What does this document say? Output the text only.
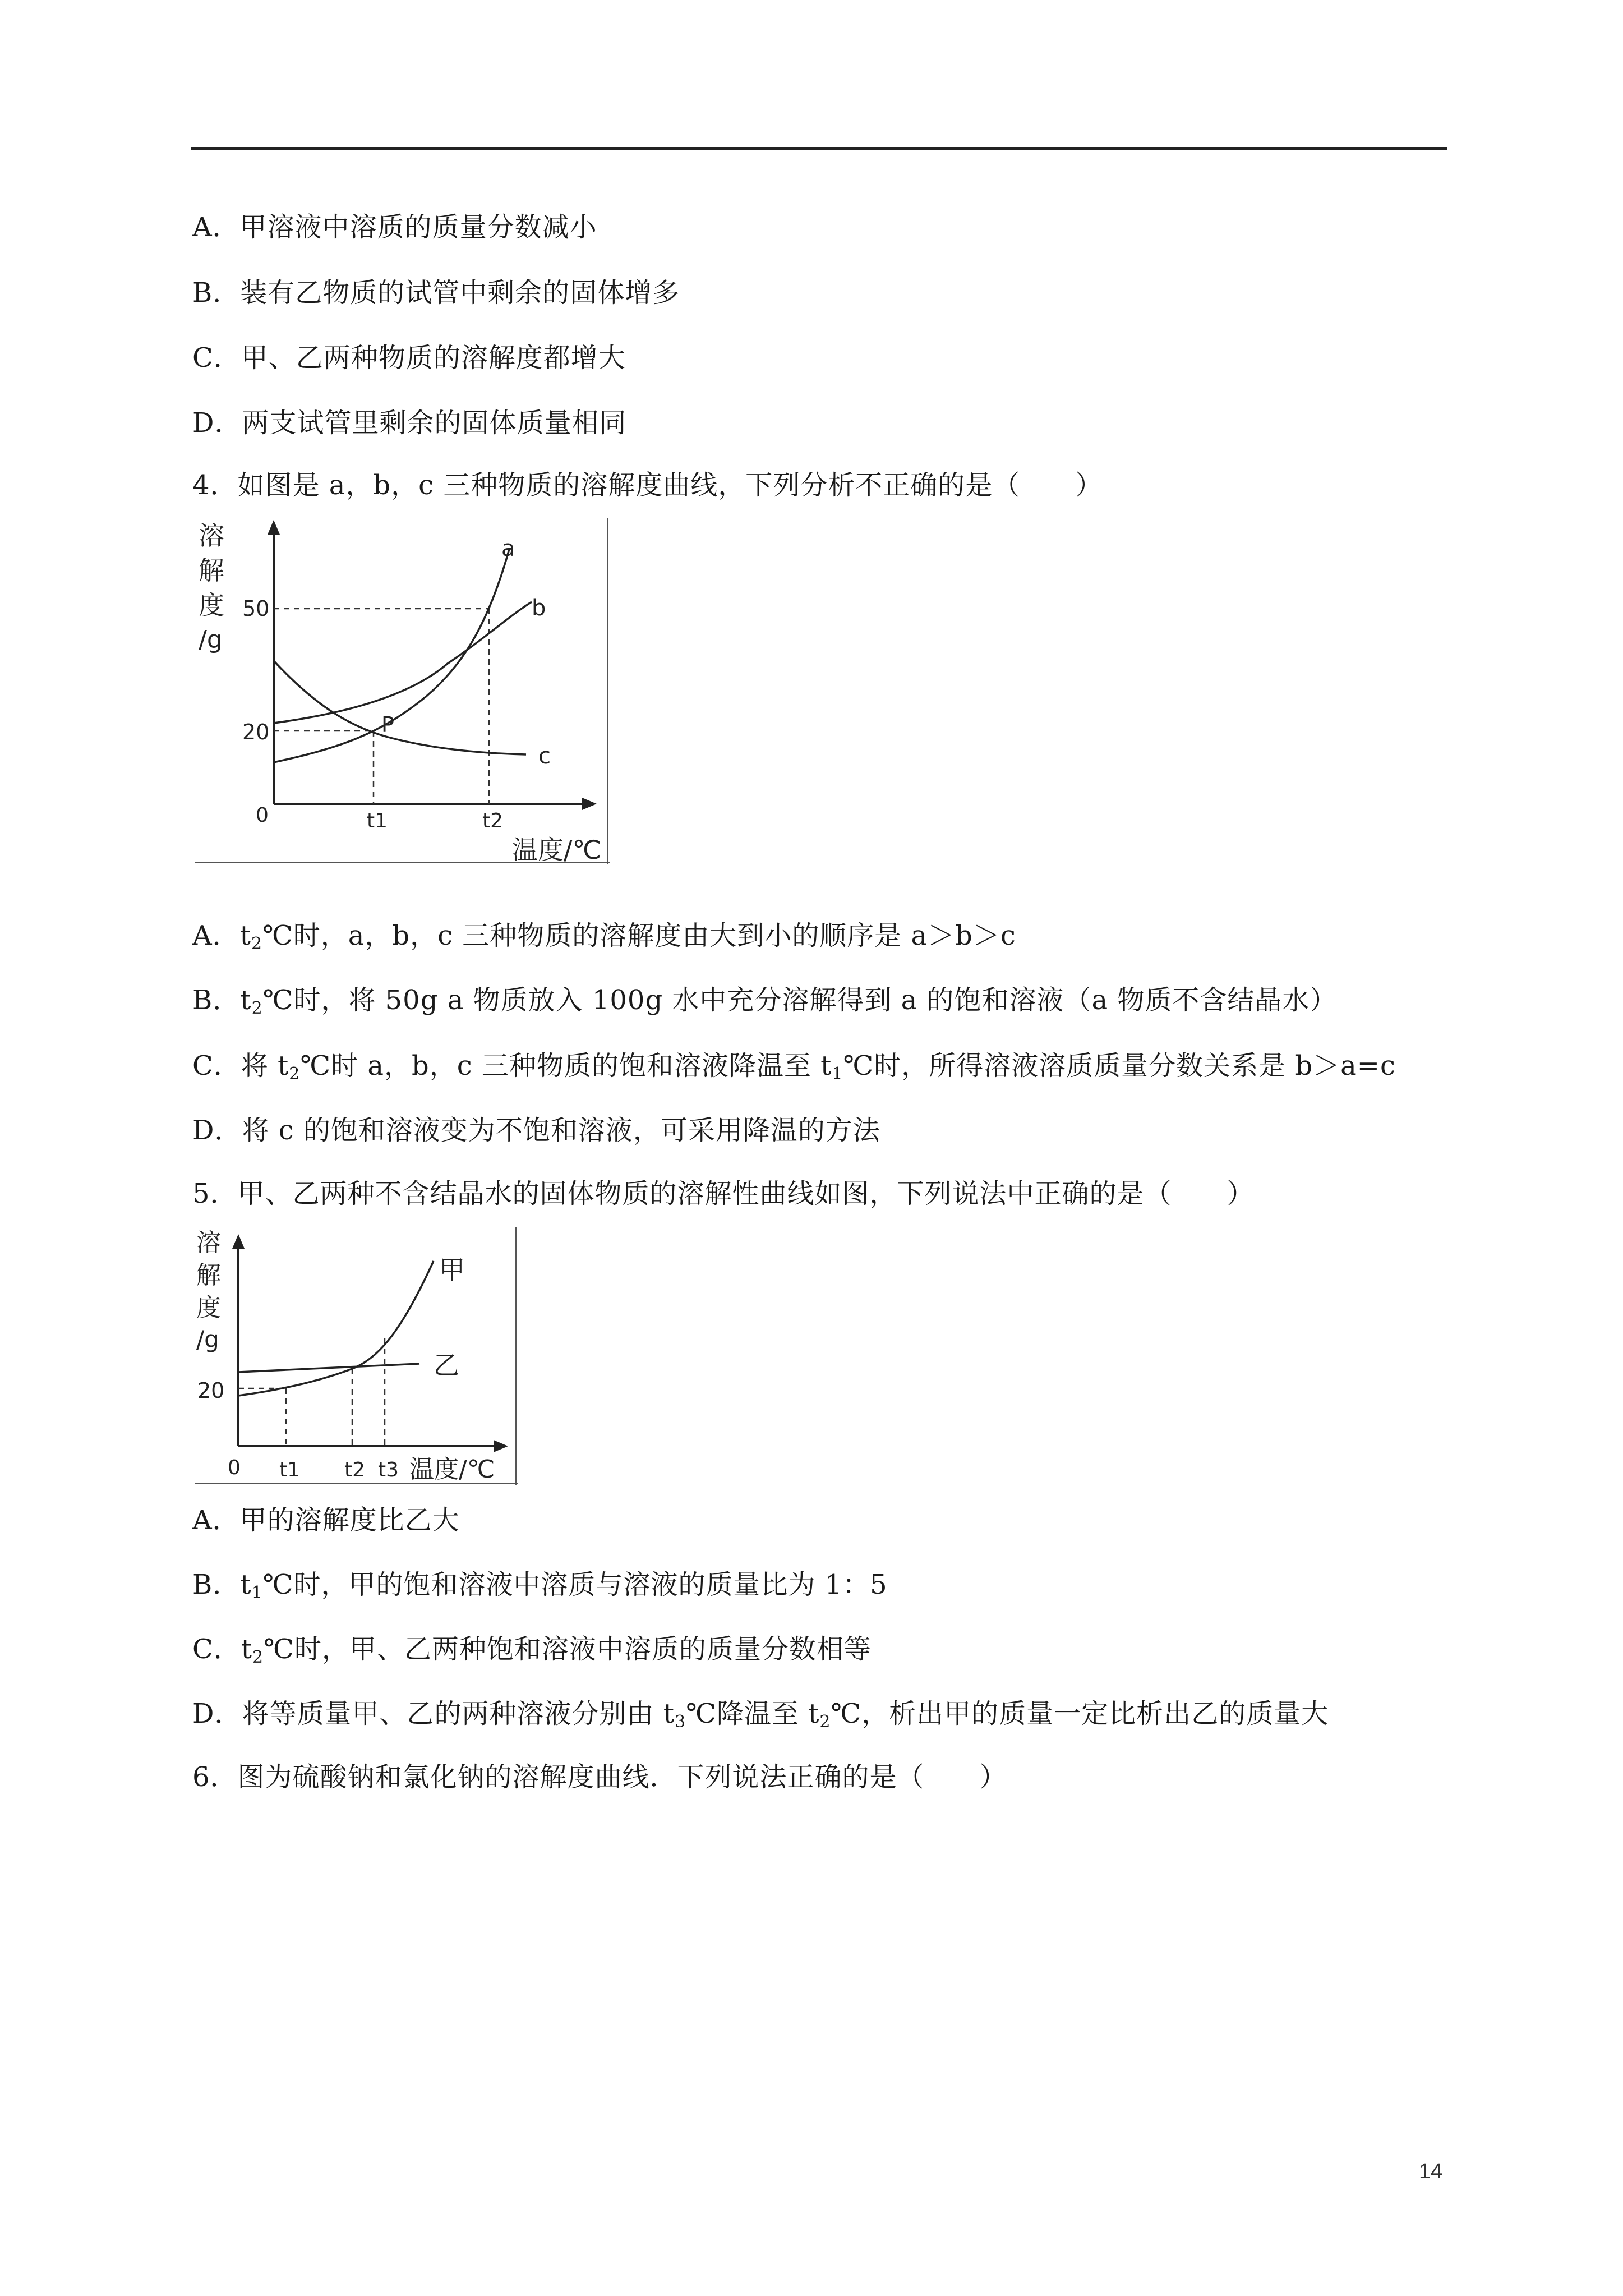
A．甲溶液中溶质的质量分数减小
B．装有乙物质的试管中剩余的固体增多
C．甲、乙两种物质的溶解度都增大
D．两支试管里剩余的固体质量相同
4．如图是 a，b，c 三种物质的溶解度曲线，下列分析不正确的是（　　）
溶
解
度
/g
a
b
c
P
50
20
0	t1	t2
温度/℃
A．$t_2℃$时，a，b，c 三种物质的溶解度由大到小的顺序是 a＞b＞c
B．$t_2℃$时，将 50g a 物质放入 100g 水中充分溶解得到 a 的饱和溶液（a 物质不含结晶水）
C．将 $t_2℃$时 a，b，c 三种物质的饱和溶液降温至 $t_1℃$时，所得溶液溶质质量分数关系是 b＞a=c
D．将 c 的饱和溶液变为不饱和溶液，可采用降温的方法
5．甲、乙两种不含结晶水的固体物质的溶解性曲线如图，下列说法中正确的是（　　）
溶
解
度
/g
甲
乙
20
0 t1 t2 t3 温度/℃
A．甲的溶解度比乙大
B．$t_1℃$时，甲的饱和溶液中溶质与溶液的质量比为 1：5
C．$t_2℃$时，甲、乙两种饱和溶液中溶质的质量分数相等
D．将等质量甲、乙的两种溶液分别由 $t_3℃$降温至 $t_2℃$，析出甲的质量一定比析出乙的质量大
6．图为硫酸钠和氯化钠的溶解度曲线．下列说法正确的是（　　）
14
